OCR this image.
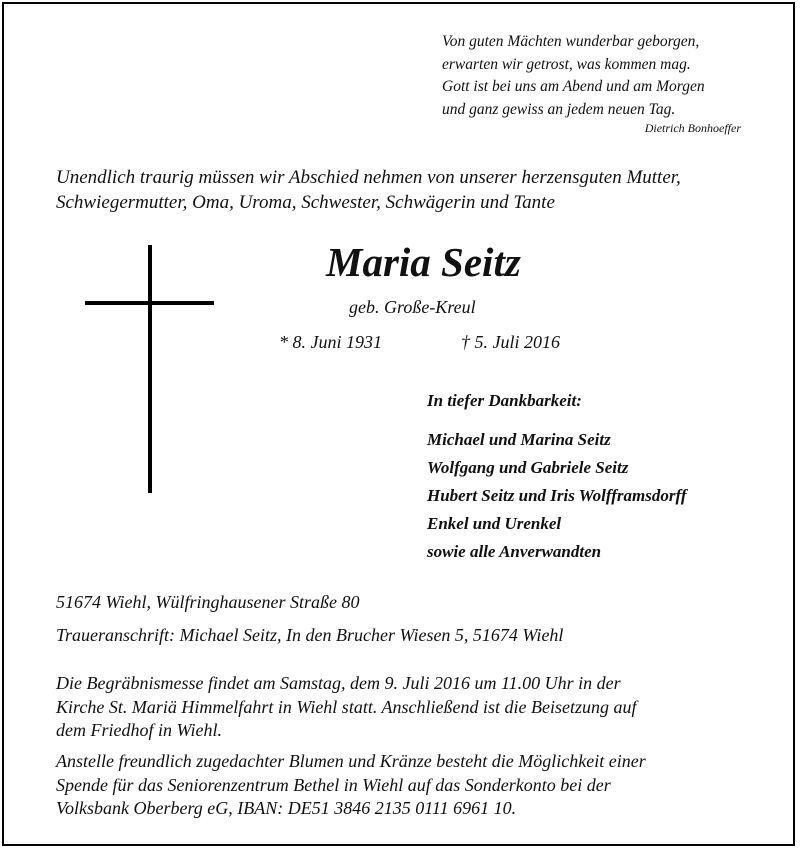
Von guten Mächten wunderbar geborgen,
erwarten wir getrost, was kommen mag.
Gott ist bei uns am Abend und am Morgen
und ganz gewiss an jedem neuen Tag.
Dietrich Bonhoeffer
Unendlich traurig müssen wir Abschied nehmen von unserer herzensguten Mutter,
Schwiegermutter, Oma, Uroma, Schwester, Schwägerin und Tante
Maria Seitz
geb. Große-Kreul
* 8. Juni 1931	† 5. Juli 2016
In tiefer Dankbarkeit:
Michael und Marina Seitz
Wolfgang und Gabriele Seitz
Hubert Seitz und Iris Wolfframsdorff
Enkel und Urenkel
sowie alle Anverwandten
51674 Wiehl, Wülfringhausener Straße 80
Traueranschrift: Michael Seitz, In den Brucher Wiesen 5, 51674 Wiehl
Die Begräbnismesse findet am Samstag, dem 9. Juli 2016 um 11.00 Uhr in der
Kirche St. Mariä Himmelfahrt in Wiehl statt. Anschließend ist die Beisetzung auf
dem Friedhof in Wiehl.
Anstelle freundlich zugedachter Blumen und Kränze besteht die Möglichkeit einer
Spende für das Seniorenzentrum Bethel in Wiehl auf das Sonderkonto bei der
Volksbank Oberberg eG, IBAN: DE51 3846 2135 0111 6961 10.
